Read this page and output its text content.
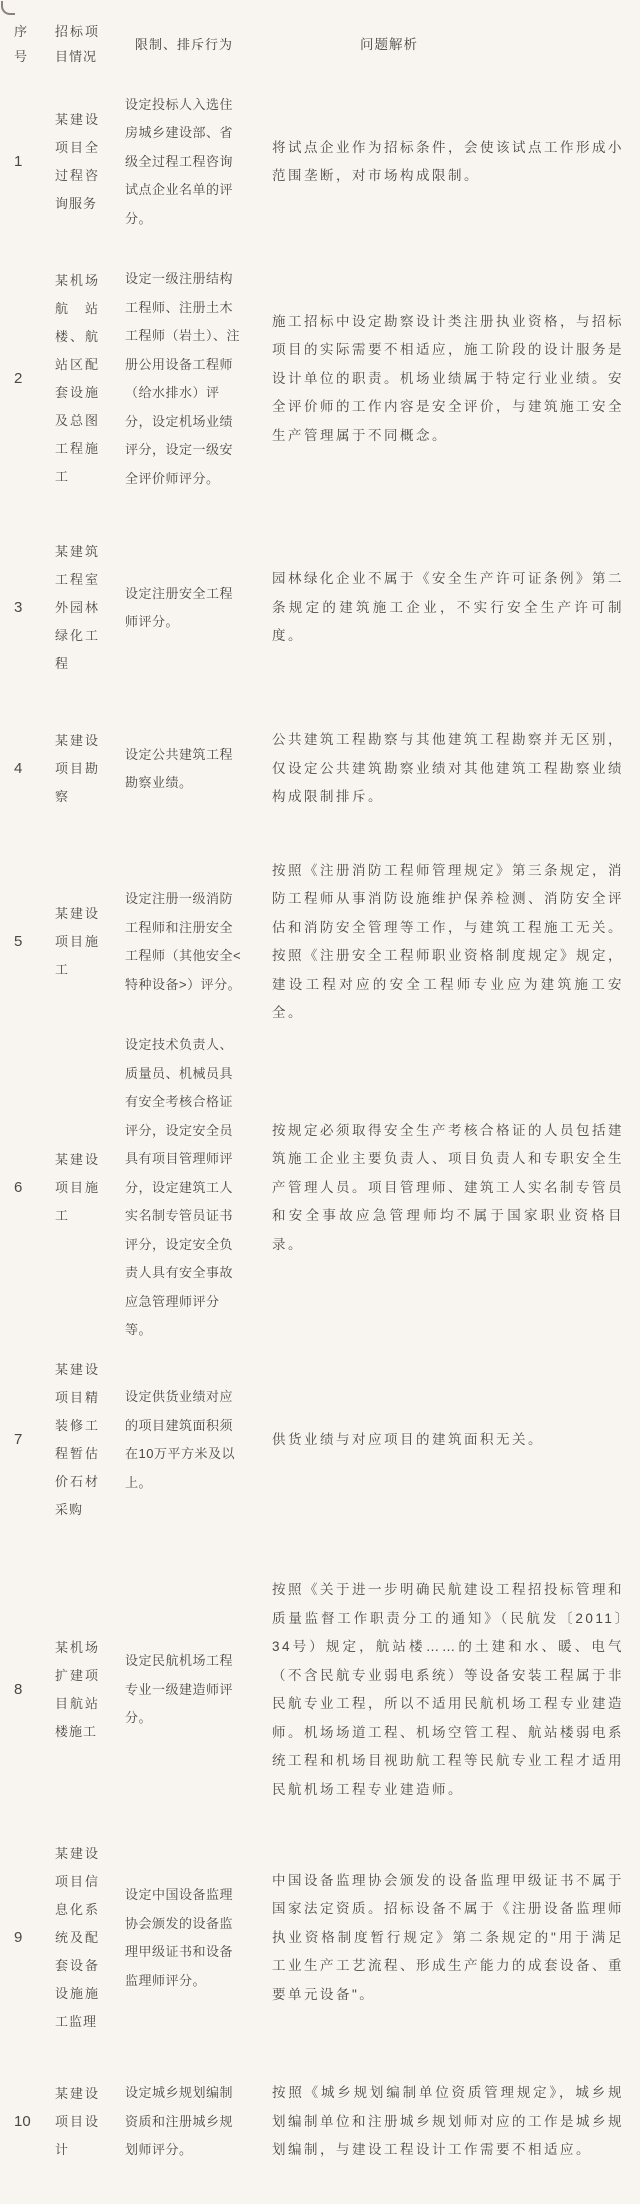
序号
招标项目情况
限制、排斥行为	问题解析
1
某建设项目全过程咨询服务
设定投标人入选住房城乡建设部、省级全过程工程咨询试点企业名单的评分。
将试点企业作为招标条件，会使该试点工作形成小范围垄断，对市场构成限制。
2
某机场航站楼、航站区配套设施及总图工程施工
设定一级注册结构工程师、注册土木工程师（岩土）、注册公用设备工程师（给水排水）评分，设定机场业绩评分，设定一级安全评价师评分。
施工招标中设定勘察设计类注册执业资格，与招标项目的实际需要不相适应，施工阶段的设计服务是设计单位的职责。机场业绩属于特定行业业绩。安全评价师的工作内容是安全评价，与建筑施工安全生产管理属于不同概念。
3
某建筑工程室外园林绿化工程
设定注册安全工程师评分。
园林绿化企业不属于《安全生产许可证条例》第二条规定的建筑施工企业，不实行安全生产许可制度。
4
某建设项目勘察
设定公共建筑工程勘察业绩。
公共建筑工程勘察与其他建筑工程勘察并无区别，仅设定公共建筑勘察业绩对其他建筑工程勘察业绩构成限制排斥。
5
某建设项目施工
设定注册一级消防工程师和注册安全工程师（其他安全<特种设备>）评分。
按照《注册消防工程师管理规定》第三条规定，消防工程师从事消防设施维护保养检测、消防安全评估和消防安全管理等工作，与建筑工程施工无关。按照《注册安全工程师职业资格制度规定》规定，建设工程对应的安全工程师专业应为建筑施工安全。
6
某建设项目施工
设定技术负责人、质量员、机械员具有安全考核合格证评分，设定安全员具有项目管理师评分，设定建筑工人实名制专管员证书评分，设定安全负责人具有安全事故应急管理师评分等。
按规定必须取得安全生产考核合格证的人员包括建筑施工企业主要负责人、项目负责人和专职安全生产管理人员。项目管理师、建筑工人实名制专管员和安全事故应急管理师均不属于国家职业资格目录。
7
某建设项目精装修工程暂估价石材采购
设定供货业绩对应的项目建筑面积须在10万平方米及以上。
供货业绩与对应项目的建筑面积无关。
8
某机场扩建项目航站楼施工
设定民航机场工程专业一级建造师评分。
按照《关于进一步明确民航建设工程招投标管理和质量监督工作职责分工的通知》（民航发〔2011〕34号）规定，航站楼……的土建和水、暖、电气（不含民航专业弱电系统）等设备安装工程属于非民航专业工程，所以不适用民航机场工程专业建造师。机场场道工程、机场空管工程、航站楼弱电系统工程和机场目视助航工程等民航专业工程才适用民航机场工程专业建造师。
9
某建设项目信息化系统及配套设备设施施工监理
设定中国设备监理协会颁发的设备监理甲级证书和设备监理师评分。
中国设备监理协会颁发的设备监理甲级证书不属于国家法定资质。招标设备不属于《注册设备监理师执业资格制度暂行规定》第二条规定的"用于满足工业生产工艺流程、形成生产能力的成套设备、重要单元设备"。
10
某建设项目设计
设定城乡规划编制资质和注册城乡规划师评分。
按照《城乡规划编制单位资质管理规定》，城乡规划编制单位和注册城乡规划师对应的工作是城乡规划编制，与建设工程设计工作需要不相适应。
